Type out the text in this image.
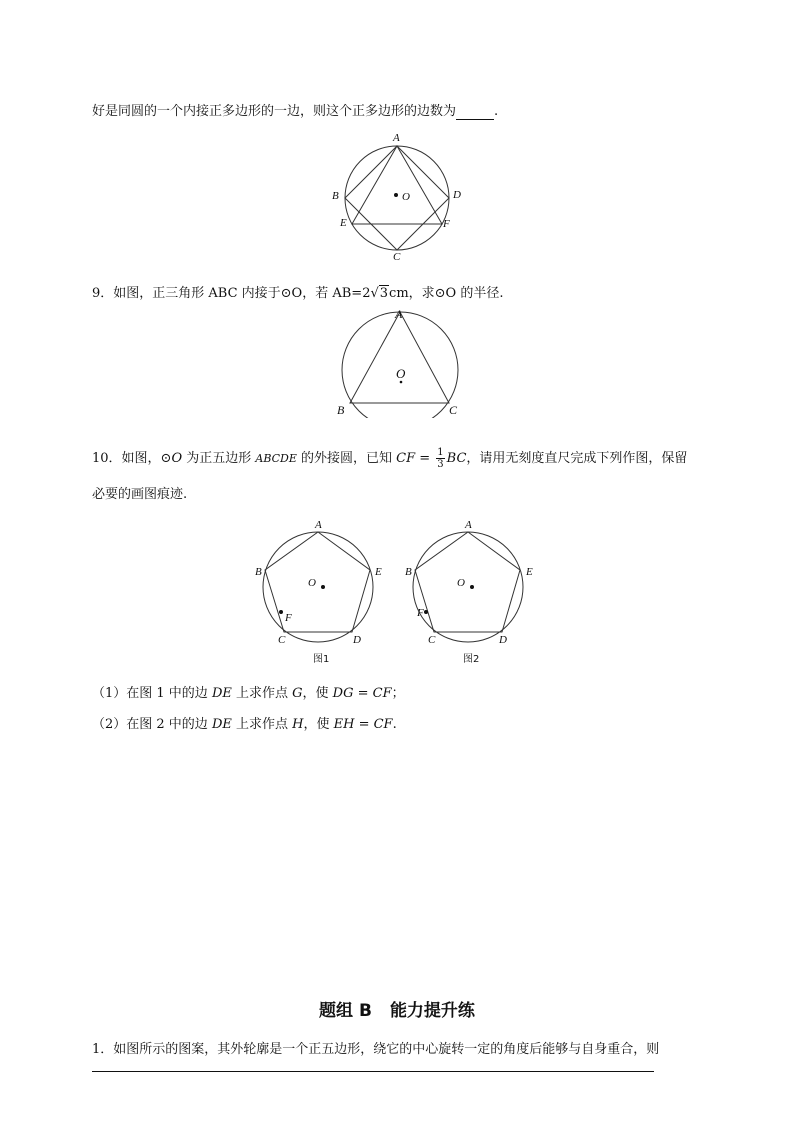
好是同圆的一个内接正多边形的一边，则这个正多边形的边数为	.
A
B	D
E	F
C
O
9．如图，正三角形 ABC 内接于⊙O，若 AB=2√3cm，求⊙O 的半径.
A
O
B	C
10．如图，⊙O 为正五边形 ABCDE 的外接圆，已知 CF = $\frac{1}{3}$ BC，请用无刻度直尺完成下列作图，保留
必要的画图痕迹.
A
B	E
O
F
C	D
图1
A
B	E
O
F
C	D
图2
（1）在图 1 中的边 DE 上求作点 G，使 DG = CF；
（2）在图 2 中的边 DE 上求作点 H，使 EH = CF.
题组 B 能力提升练
1．如图所示的图案，其外轮廓是一个正五边形，绕它的中心旋转一定的角度后能够与自身重合，则
